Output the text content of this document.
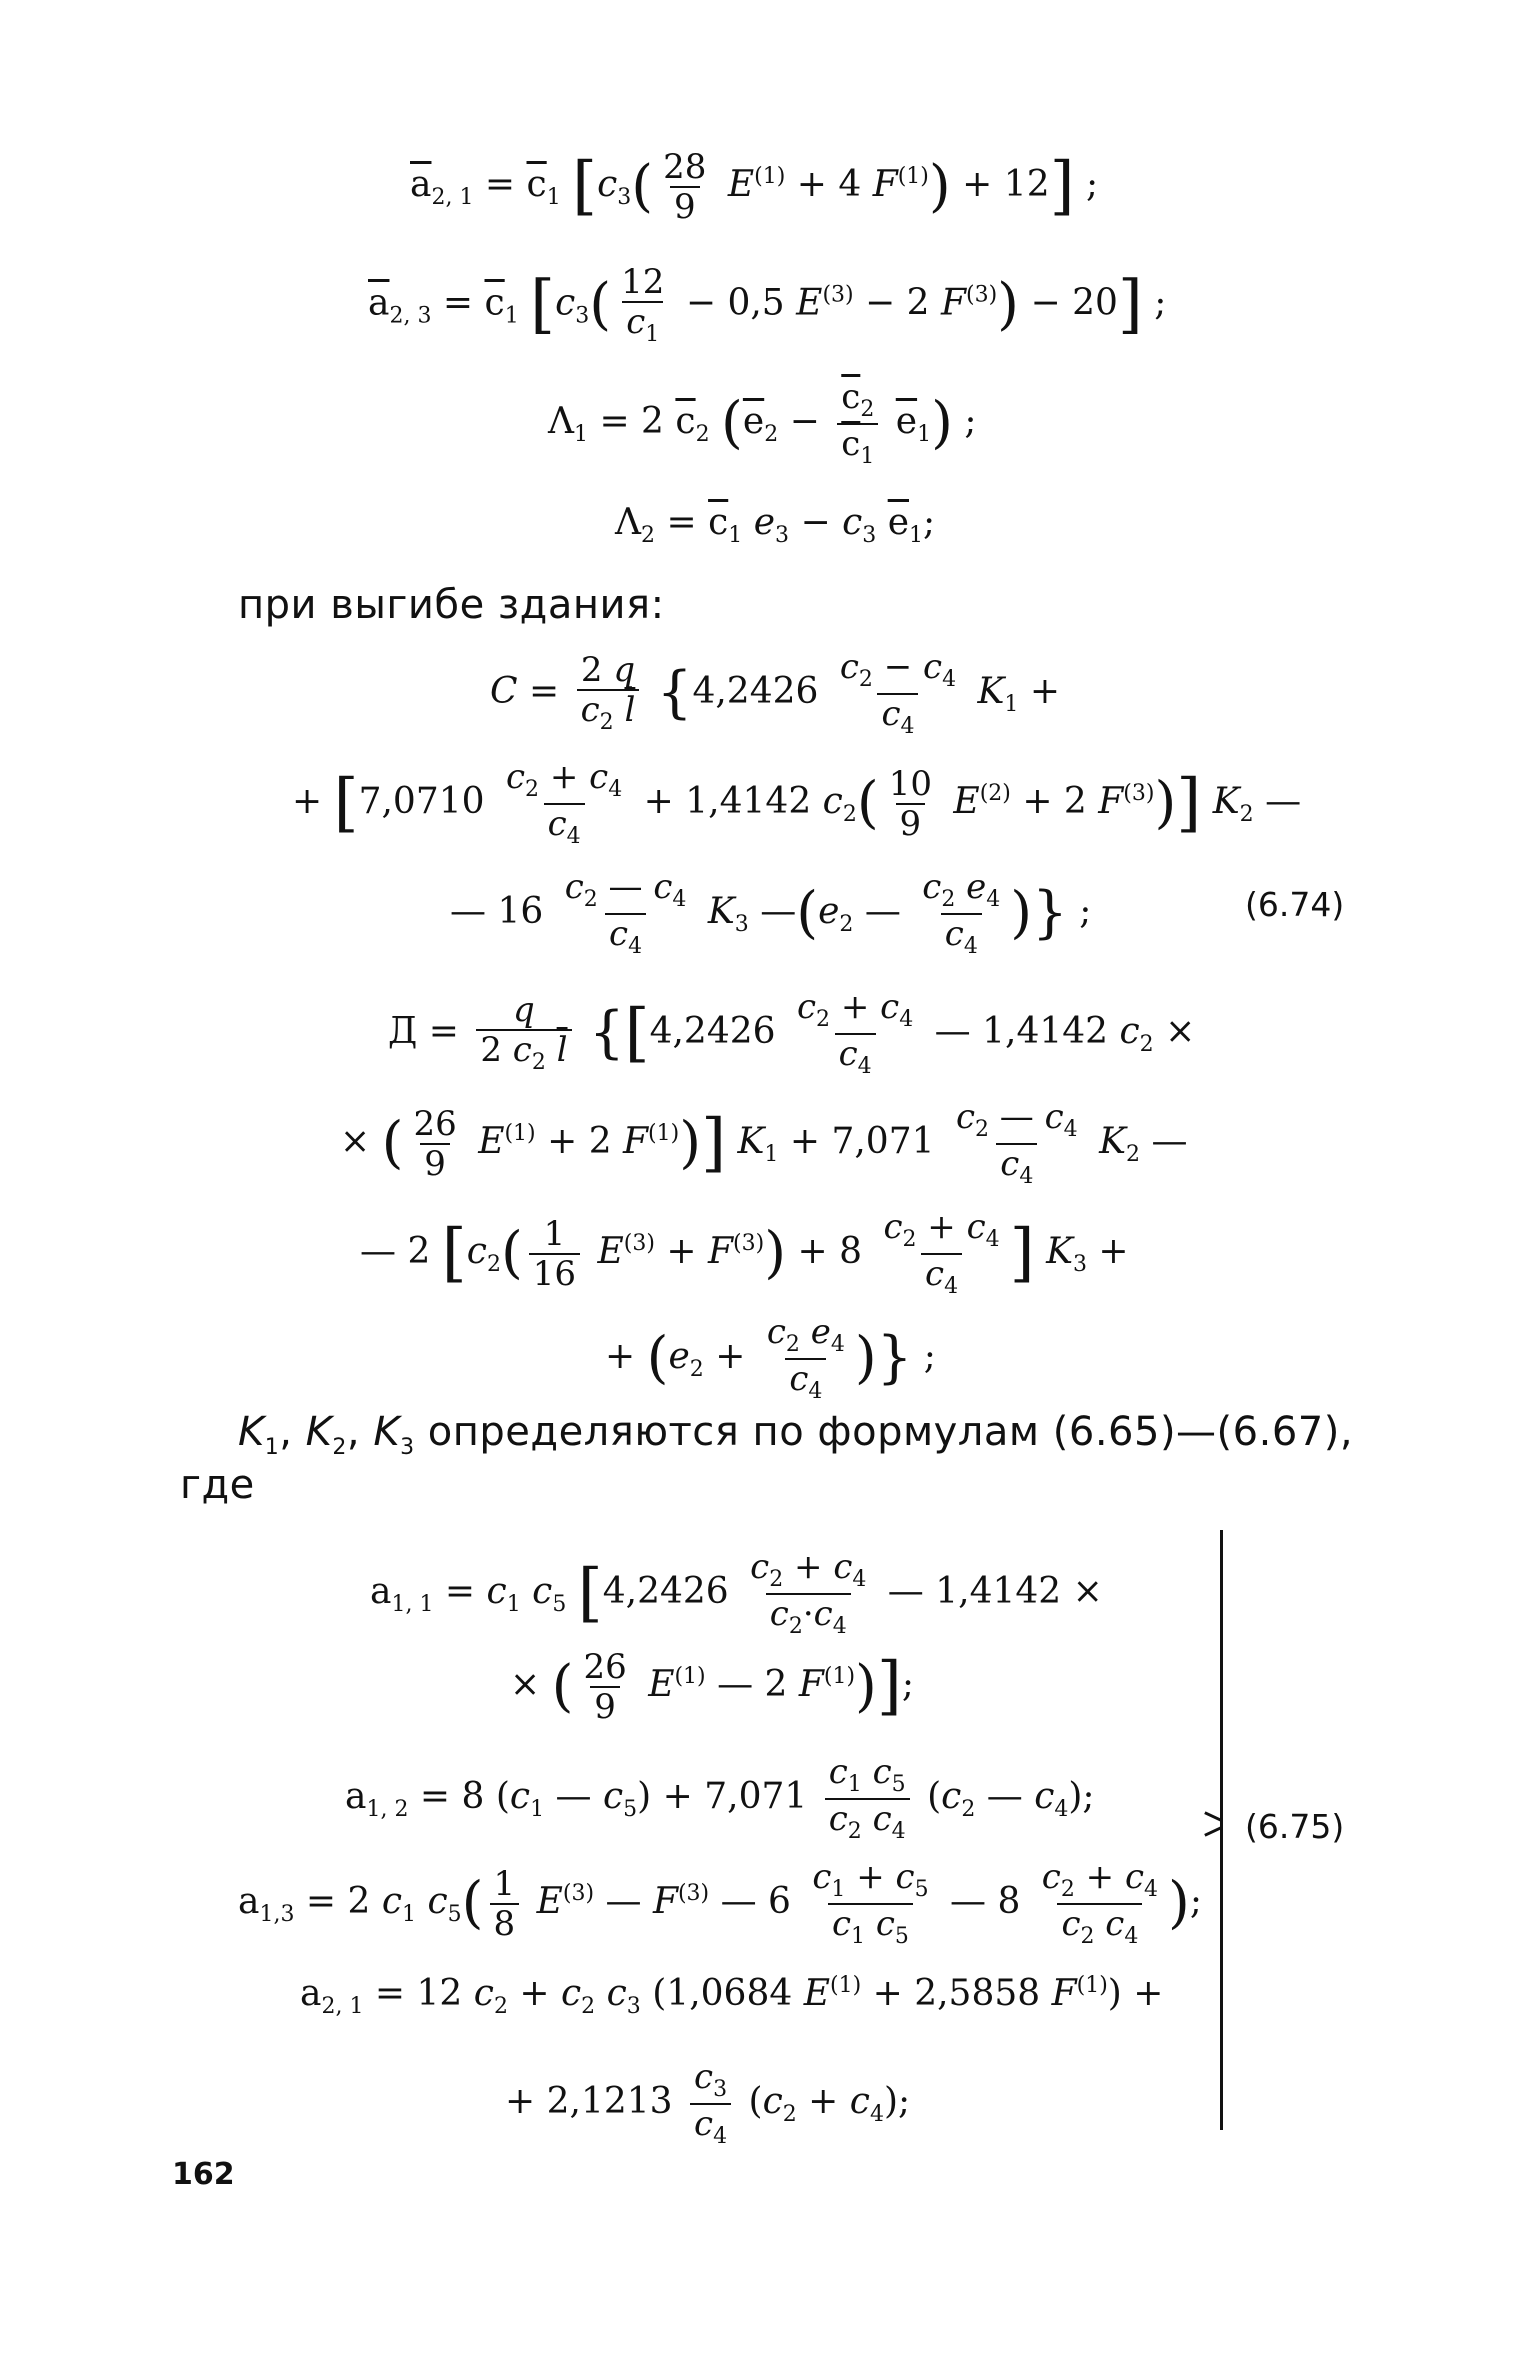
$\overline{a}_{2, 1} = \overline{c}_1$ [$c_3( \frac{28}{9} E^{(1)} + 4$ $F^{(1)}) + 12$] ;
$\overline{a}_{2, 3} = \overline{c}_1$ [$c_3( \frac{12}{c_1} - 0,5$ $E^{(3)} - 2$ $F^{(3)}) - 20$] ;
$\Lambda_1 = 2$ $\overline{c}_2$ $(\overline{e}_2 - \frac{\overline{c}_2}{\overline{c}_1} \overline{e}_1)$ ;
$\Lambda_2 = \overline{c}_1$ $e_3 - c_3$ $\overline{e}_1$;
при выгибе здания:
$C = \frac{2 q}{c_2 \overline{l}} \{4,2426 \frac{c_2 - c_4}{c_4} K_1$ +
+ [$7,0710 \frac{c_2 + c_4}{c_4} + 1,4142$ $c_2( \frac{10}{9} E^{(2)} + 2$ $F^{(3)}$)] $K_2$ —
— $16 \frac{c_2 — c_4}{c_4} K_3$ $—(e_2$ — $\frac{c_2 e_4}{c_4}$ )} ;	(6.74)
$Д = \frac{q}{2 c_2 \overline{l}} \{[4,2426 \frac{c_2 + c_4}{c_4}$ — 1,4142 $c_2$ ×
× ( $\frac{26}{9} E^{(1)} + 2$ $F^{(1)}$)] $K_1 + 7,071 \frac{c_2 — c_4}{c_4} K_2$ —
— 2 [$c_2( \frac{1}{16} E^{(3)} + F^{(3)}) + 8 \frac{c_2 + c_4}{c_4}$ ] $K_3$ +
+ ($e_2 + \frac{c_2 e_4}{c_4}$ )} ;
$K_1$, $K_2$, $K_3$ определяются по формулам (6.65)—(6.67),
где
$a_{1, 1} = c_1$ $c_5$ [$4,2426 \frac{c_2 + c_4}{c_2\cdot c_4}$ — 1,4142 ×
× ( $\frac{26}{9} E^{(1)}$ — 2 $F^{(1)}$)];
$a_{1, 2} = 8$ ($c_1$ — $c_5) + 7,071 \frac{c_1 c_5}{c_2 c_4} (c_2$ — $c_4$);
$a_{1,3} = 2$ $c_1$ $c_5( \frac{1}{8} E^{(3)}$ — $F^{(3)}$ — $6 \frac{c_1 + c_5}{c_1 c_5}$ — $8 \frac{c_2 + c_4}{c_2 c_4}$ );
$a_{2, 1} = 12$ $c_2 + c_2$ $c_3$ (1,0684 $E^{(1)} + 2,5858$ $F^{(1)}$) +
+ $2,1213 \frac{c_3}{c_4} (c_2 + c_4)$;
(6.75)
162
